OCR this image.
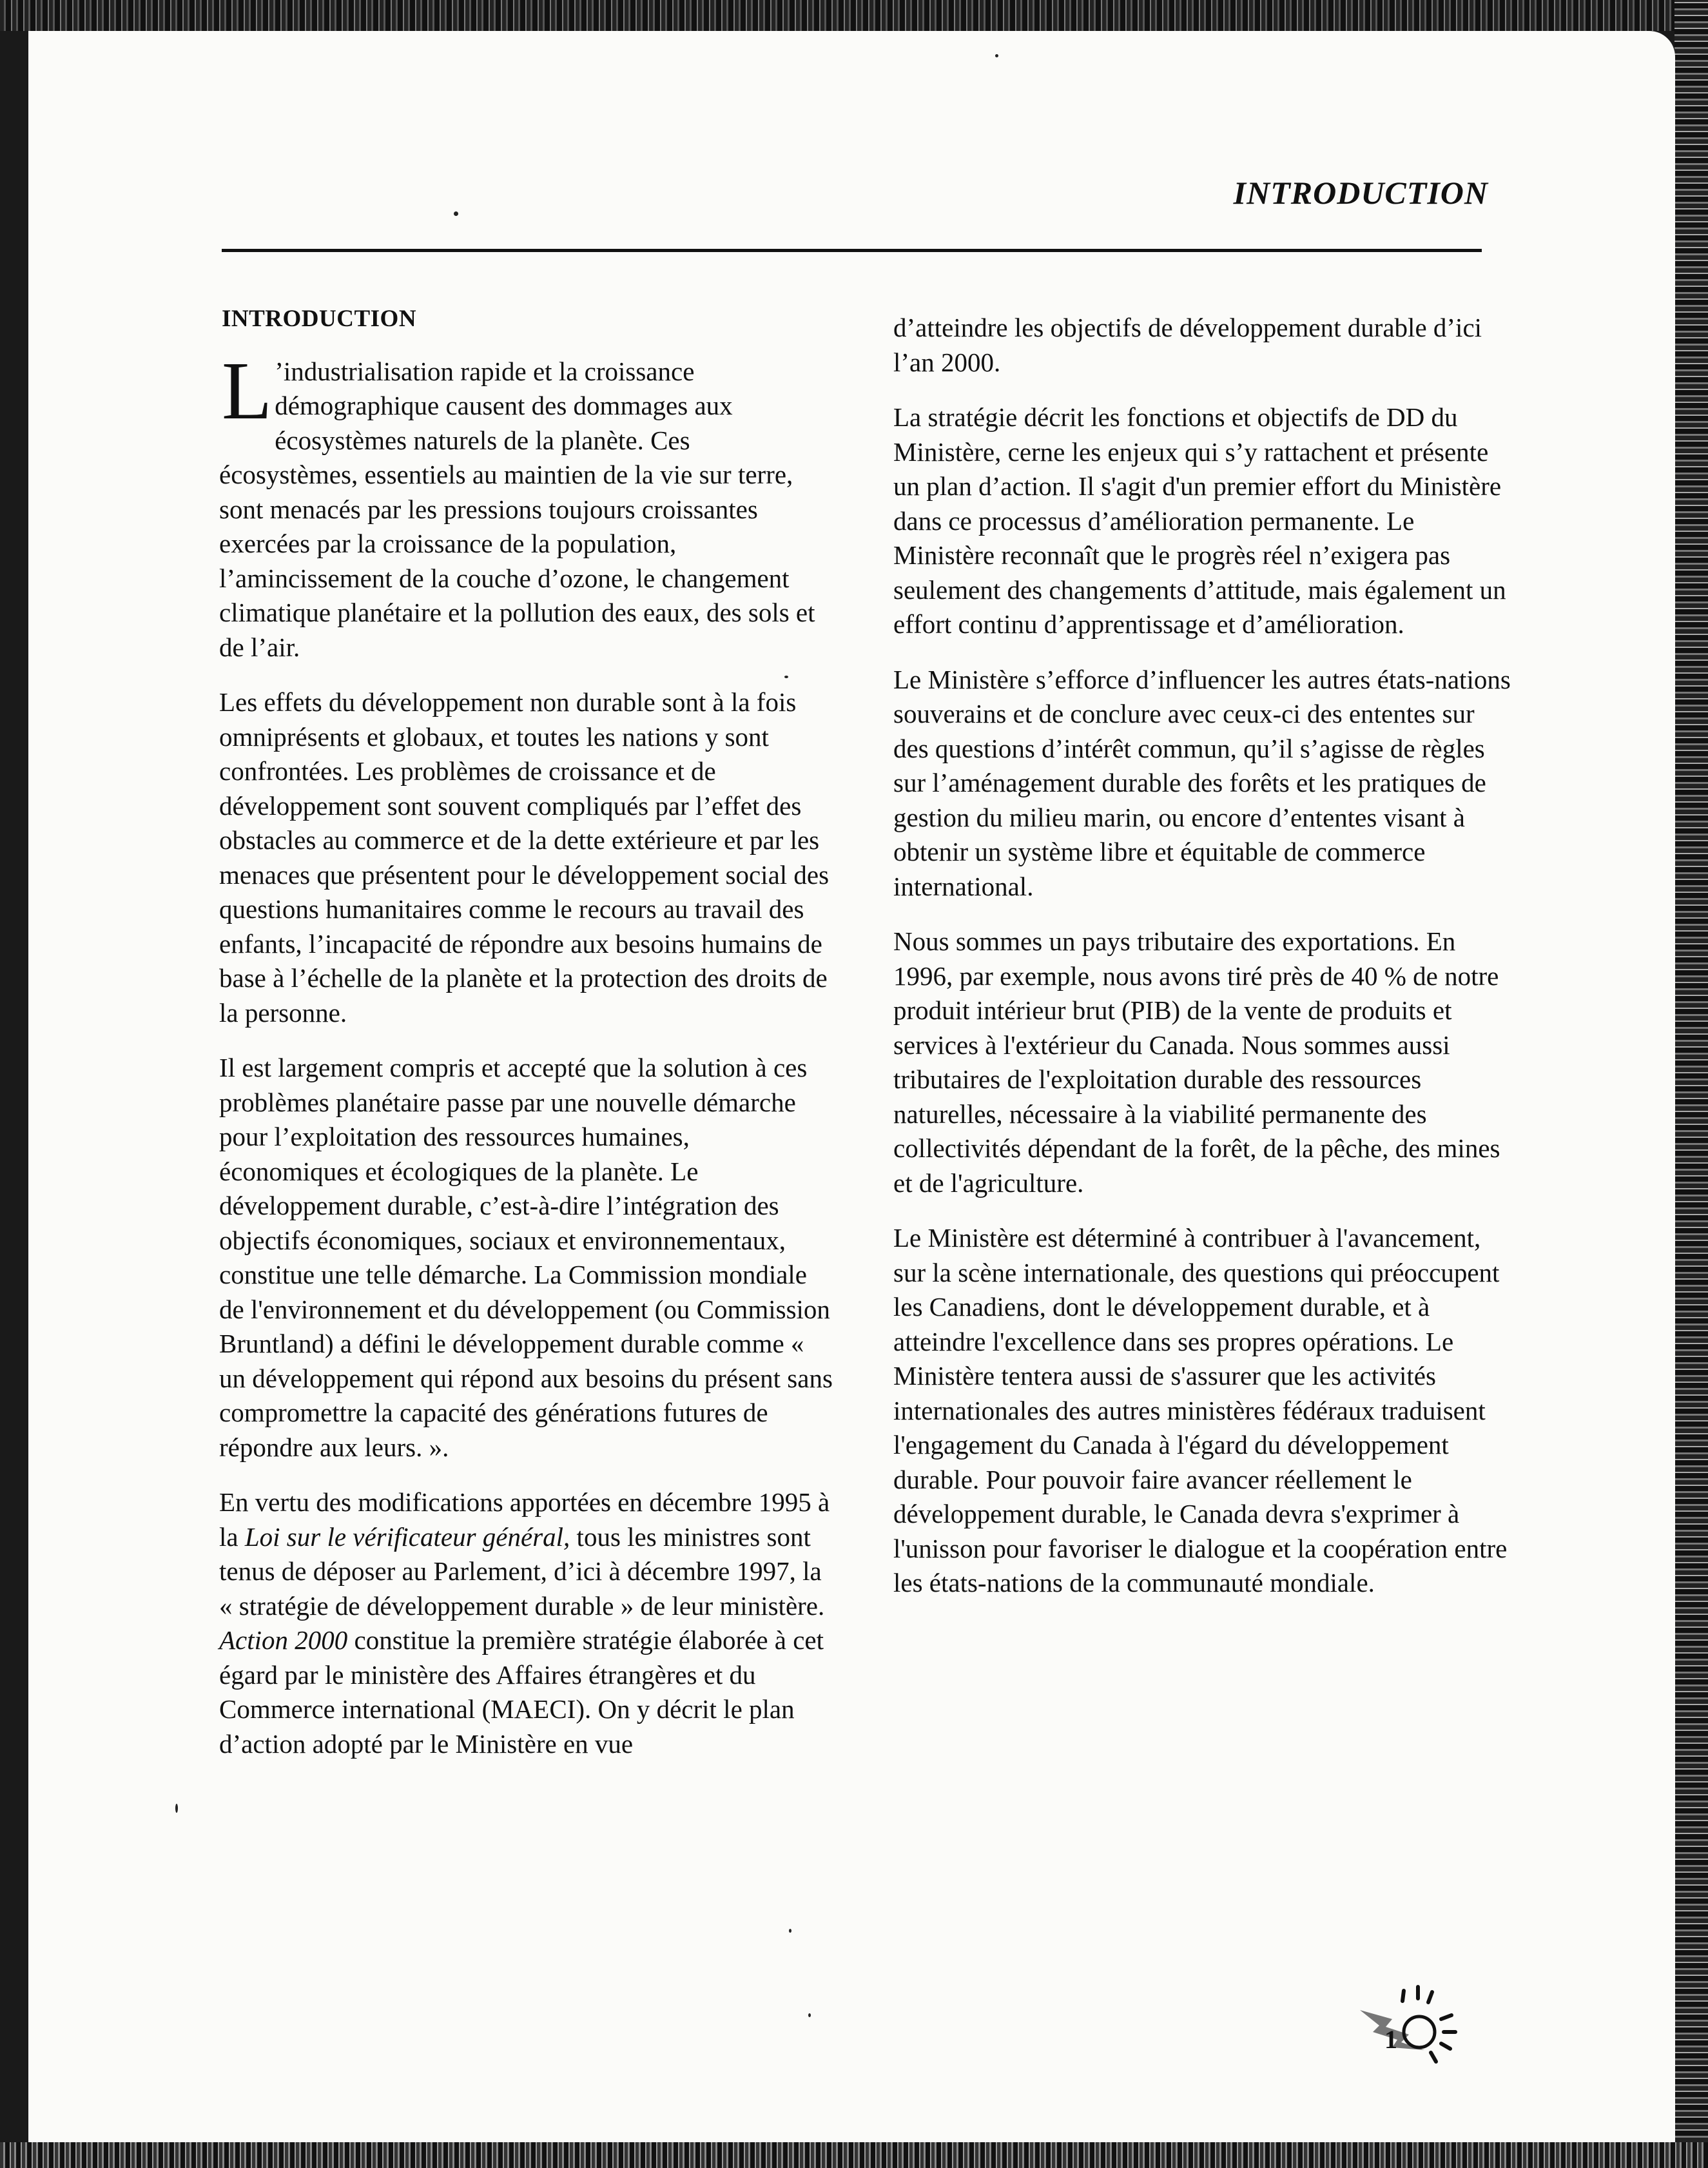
INTRODUCTION
INTRODUCTION

L ’industrialisation rapide et la croissance démographique causent des dommages aux écosystèmes naturels de la planète. Ces écosystèmes, essentiels au maintien de la vie sur terre, sont menacés par les pressions toujours croissantes exercées par la croissance de la population, l’amincissement de la couche d’ozone, le changement climatique planétaire et la pollution des eaux, des sols et de l’air.

Les effets du développement non durable sont à la fois omniprésents et globaux, et toutes les nations y sont confrontées. Les problèmes de croissance et de développement sont souvent compliqués par l’effet des obstacles au commerce et de la dette extérieure et par les menaces que présentent pour le développement social des questions humanitaires comme le recours au travail des enfants, l’incapacité de répondre aux besoins humains de base à l’échelle de la planète et la protection des droits de la personne.

Il est largement compris et accepté que la solution à ces problèmes planétaire passe par une nouvelle démarche pour l’exploitation des ressources humaines, économiques et écologiques de la planète. Le développement durable, c’est-à-dire l’intégration des objectifs économiques, sociaux et environnementaux, constitue une telle démarche. La Commission mondiale de l'environnement et du développement (ou Commission Bruntland) a défini le développement durable comme « un développement qui répond aux besoins du présent sans compromettre la capacité des générations futures de répondre aux leurs. ».

En vertu des modifications apportées en décembre 1995 à la Loi sur le vérificateur général, tous les ministres sont tenus de déposer au Parlement, d’ici à décembre 1997, la « stratégie de développement durable » de leur ministère. Action 2000 constitue la première stratégie élaborée à cet égard par le ministère des Affaires étrangères et du Commerce international (MAECI). On y décrit le plan d’action adopté par le Ministère en vue

d’atteindre les objectifs de développement durable d’ici l’an 2000.

La stratégie décrit les fonctions et objectifs de DD du Ministère, cerne les enjeux qui s’y rattachent et présente un plan d’action. Il s'agit d'un premier effort du Ministère dans ce processus d’amélioration permanente. Le Ministère reconnaît que le progrès réel n’exigera pas seulement des changements d’attitude, mais également un effort continu d’apprentissage et d’amélioration.

Le Ministère s’efforce d’influencer les autres états-nations souverains et de conclure avec ceux-ci des ententes sur des questions d’intérêt commun, qu’il s’agisse de règles sur l’aménagement durable des forêts et les pratiques de gestion du milieu marin, ou encore d’ententes visant à obtenir un système libre et équitable de commerce international.

Nous sommes un pays tributaire des exportations. En 1996, par exemple, nous avons tiré près de 40 % de notre produit intérieur brut (PIB) de la vente de produits et services à l'extérieur du Canada. Nous sommes aussi tributaires de l'exploitation durable des ressources naturelles, nécessaire à la viabilité permanente des collectivités dépendant de la forêt, de la pêche, des mines et de l'agriculture.

Le Ministère est déterminé à contribuer à l'avancement, sur la scène internationale, des questions qui préoccupent les Canadiens, dont le développement durable, et à atteindre l'excellence dans ses propres opérations. Le Ministère tentera aussi de s'assurer que les activités internationales des autres ministères fédéraux traduisent l'engagement du Canada à l'égard du développement durable. Pour pouvoir faire avancer réellement le développement durable, le Canada devra s'exprimer à l'unisson pour favoriser le dialogue et la coopération entre les états-nations de la communauté mondiale.

1
